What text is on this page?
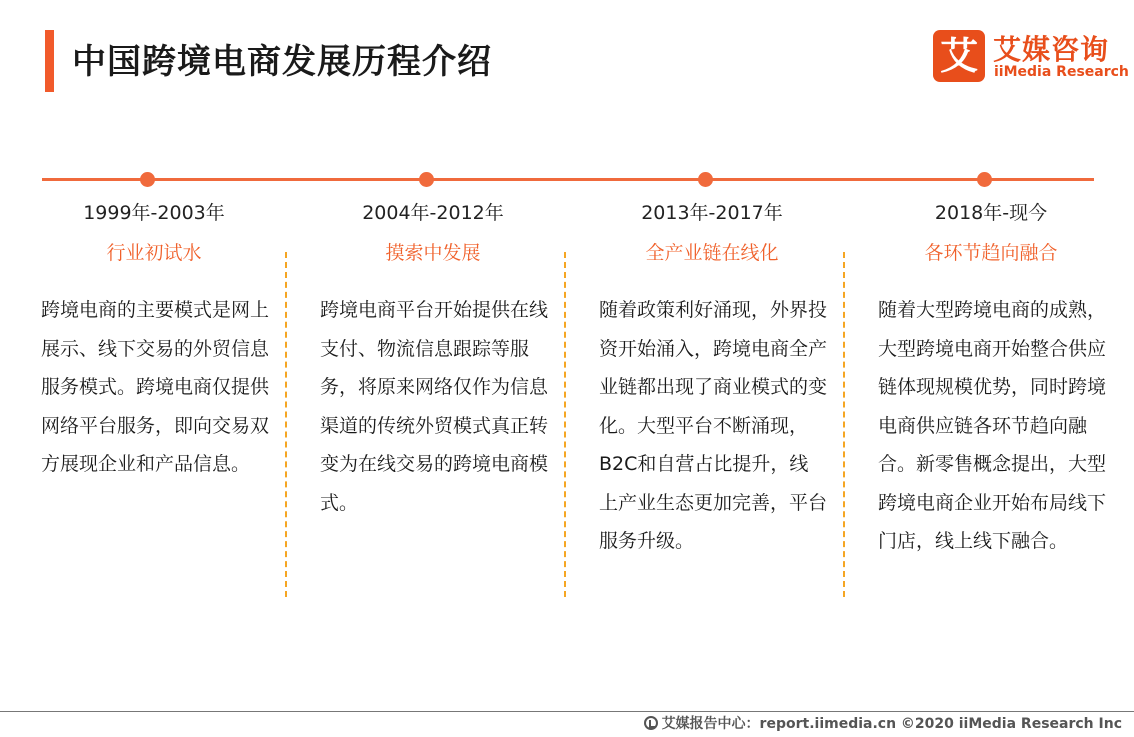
中国跨境电商发展历程介绍	艾 艾媒咨询
iiMedia Research
1999年-2003年
行业初试水
跨境电商的主要模式是网上展示、线下交易的外贸信息服务模式。跨境电商仅提供网络平台服务，即向交易双方展现企业和产品信息。
2004年-2012年
摸索中发展
跨境电商平台开始提供在线支付、物流信息跟踪等服务，将原来网络仅作为信息渠道的传统外贸模式真正转变为在线交易的跨境电商模式。
2013年-2017年
全产业链在线化
随着政策利好涌现，外界投资开始涌入，跨境电商全产业链都出现了商业模式的变化。大型平台不断涌现，B2C和自营占比提升，线上产业生态更加完善，平台服务升级。
2018年-现今
各环节趋向融合
随着大型跨境电商的成熟，大型跨境电商开始整合供应链体现规模优势，同时跨境电商供应链各环节趋向融合。新零售概念提出，大型跨境电商企业开始布局线下门店，线上线下融合。
艾媒报告中心：report.iimedia.cn ©2020 iiMedia Research Inc
